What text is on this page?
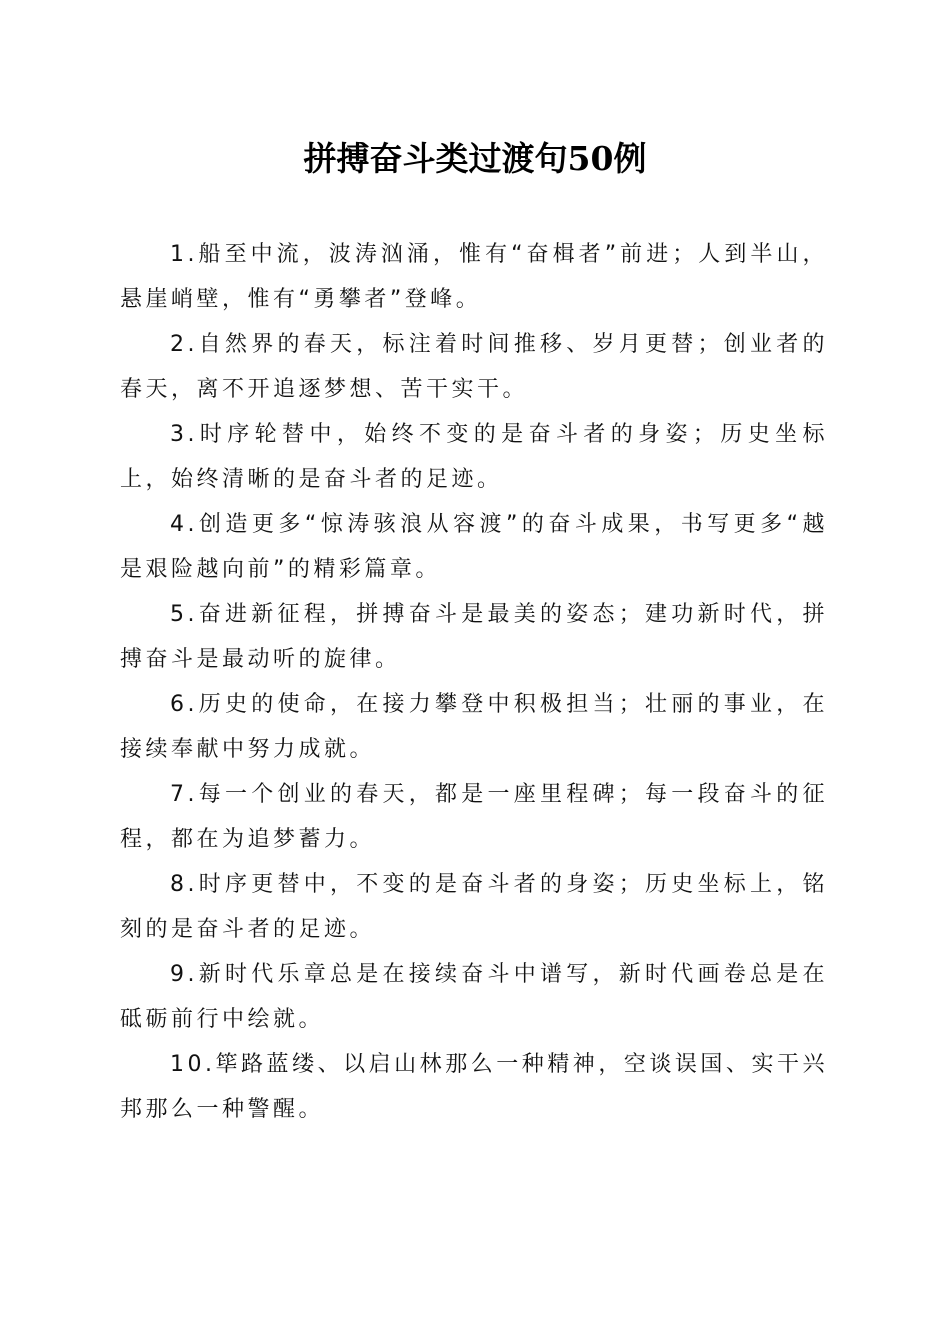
拼搏奋斗类过渡句50例

1.船至中流，波涛汹涌，惟有“奋楫者”前进；人到半山，悬崖峭壁，惟有“勇攀者”登峰。

2.自然界的春天，标注着时间推移、岁月更替；创业者的春天，离不开追逐梦想、苦干实干。

3.时序轮替中，始终不变的是奋斗者的身姿；历史坐标上，始终清晰的是奋斗者的足迹。

4.创造更多“惊涛骇浪从容渡”的奋斗成果，书写更多“越是艰险越向前”的精彩篇章。

5.奋进新征程，拼搏奋斗是最美的姿态；建功新时代，拼搏奋斗是最动听的旋律。

6.历史的使命，在接力攀登中积极担当；壮丽的事业，在接续奉献中努力成就。

7.每一个创业的春天，都是一座里程碑；每一段奋斗的征程，都在为追梦蓄力。

8.时序更替中，不变的是奋斗者的身姿；历史坐标上，铭刻的是奋斗者的足迹。

9.新时代乐章总是在接续奋斗中谱写，新时代画卷总是在砥砺前行中绘就。

10.筚路蓝缕、以启山林那么一种精神，空谈误国、实干兴邦那么一种警醒。
